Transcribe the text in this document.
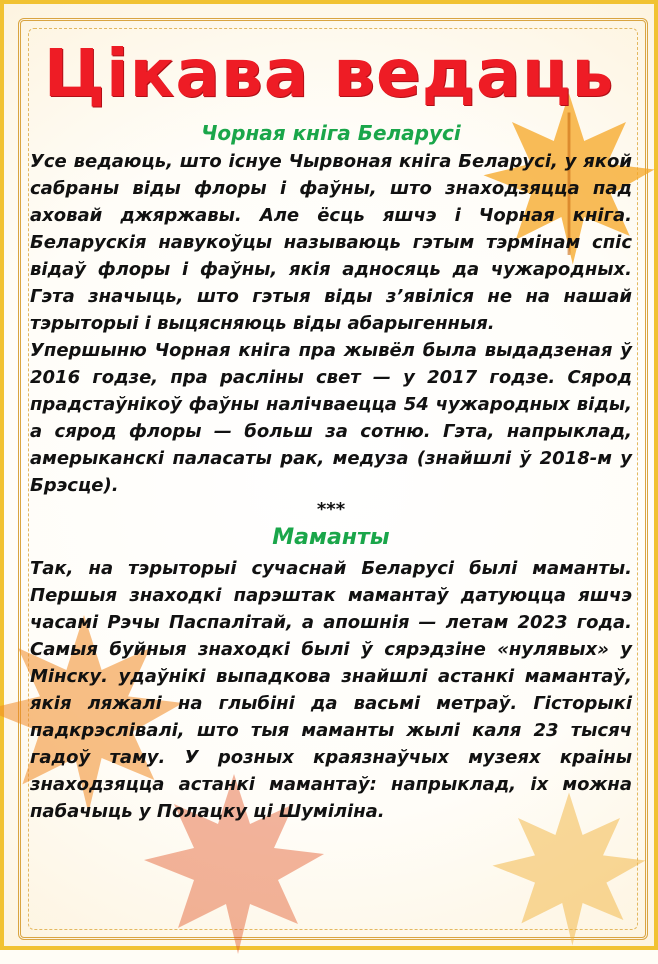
Цікава ведаць

Чорная кніга Беларусі

Усе ведаюць, што існуе Чырвоная кніга Беларусі, у якой сабраны віды флоры і фаўны, што знаходзяцца пад аховай джяржавы. Але ёсць яшчэ і Чорная кніга. Беларускія навукоўцы называюць гэтым тэрмінам спіс відаў флоры і фаўны, якія адносяць да чужародных. Гэта значыць, што гэтыя віды з’явіліся не на нашай тэрыторыі і выцясняюць віды абарыгенныя.

Упершыню Чорная кніга пра жывёл была выдадзеная ў 2016 годзе, пра расліны свет — у 2017 годзе. Сярод прадстаўнікоў фаўны налічваецца 54 чужародных віды, а сярод флоры — больш за сотню. Гэта, напрыклад, амерыканскі паласаты рак, медуза (знайшлі ў 2018-м у Брэсце).

***

Маманты

Так, на тэрыторыі сучаснай Беларусі былі маманты. Першыя знаходкі парэштак мамантаў датуюцца яшчэ часамі Рэчы Паспалітай, а апошнія — летам 2023 года. Самыя буйныя знаходкі былі ў сярэдзіне «нулявых» у Мінску. удаўнікі выпадкова знайшлі астанкі мамантаў, якія ляжалі на глыбіні да васьмі метраў. Гісторыкі падкрэслівалі, што тыя маманты жылі каля 23 тысяч гадоў таму. У розных краязнаўчых музеях краіны знаходзяцца астанкі мамантаў: напрыклад, іх можна пабачыць у Полацку ці Шуміліна.
